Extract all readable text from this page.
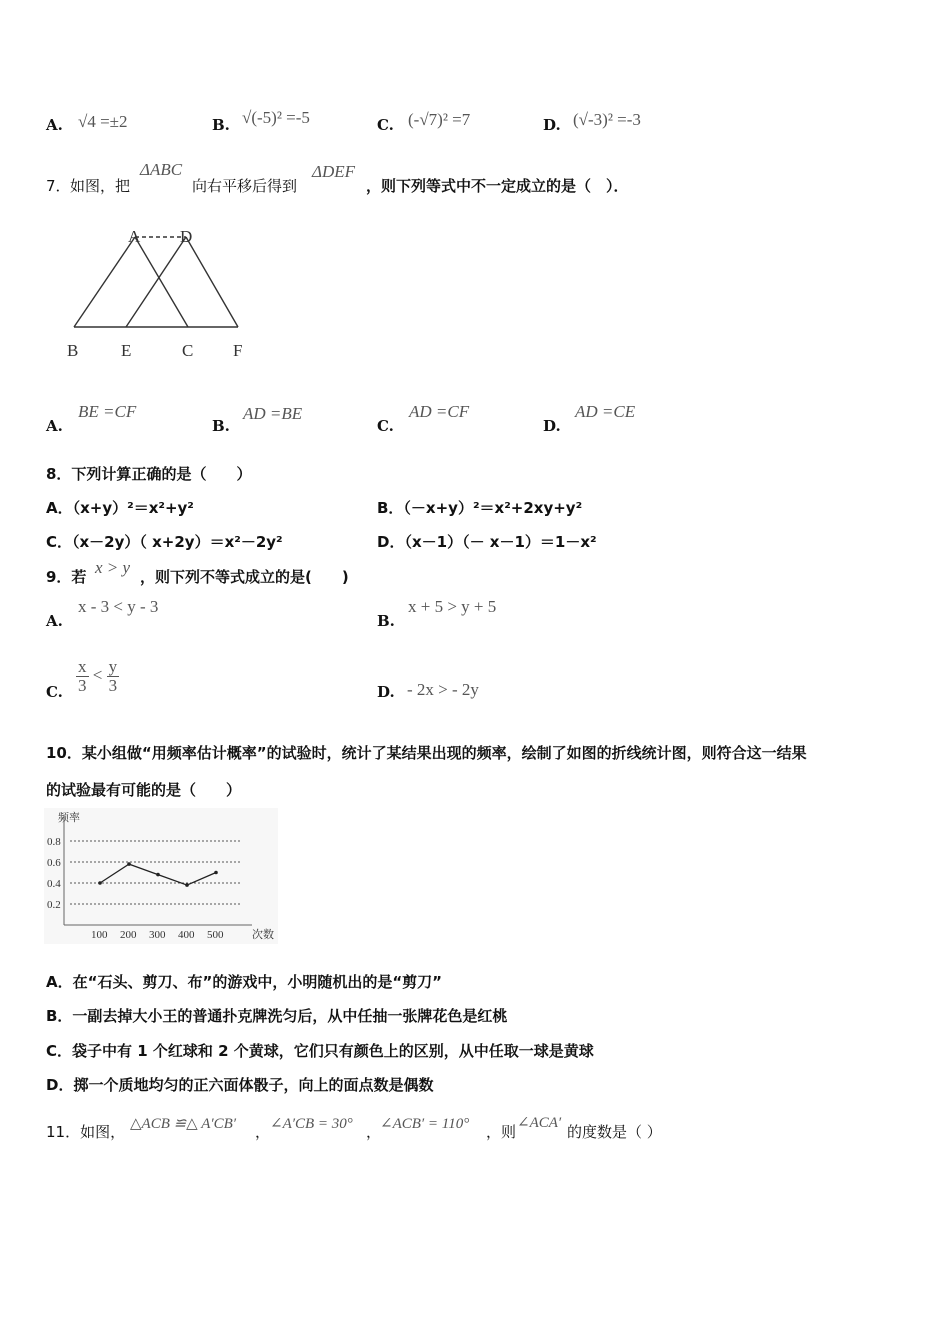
A. √4 =±2	B. √(-5)² =-5	C. (-√7)² =7	D. (√-3)² =-3
7． 如图，把
ΔABC
向右平移后得到
ΔDEF
，则下列等式中不一定成立的是（　）．
A D
B	E	C F
A.
BE =CF
B.
AD =BE
C.
AD =CF
D.
AD =CE
8．下列计算正确的是（　　）
A．（x+y）²＝x²+y²	B．（－x+y）²＝x²+2xy+y²
C．（x－2y）（ x+2y）＝x²－2y²	D．（x－1）（－ x－1）＝1－x²
9．若 x > y ，则下列不等式成立的是(　　)
A.
x - 3 < y - 3
B.
x + 5 > y + 5
C. $\frac{x}{3} < \frac{y}{3}$	D. - 2x > - 2y
10．某小组做“用频率估计概率”的试验时，统计了某结果出现的频率，绘制了如图的折线统计图，则符合这一结果
的试验最有可能的是（　　）
0.2
0.4
0.6
0.8
100 200 300 400 500
频率
次数
A．在“石头、剪刀、布”的游戏中，小明随机出的是“剪刀”
B．一副去掉大小王的普通扑克牌洗匀后，从中任抽一张牌花色是红桃
C．袋子中有 1 个红球和 2 个黄球，它们只有颜色上的区别，从中任取一球是黄球
D．掷一个质地均匀的正六面体骰子，向上的面点数是偶数
11．如图， △ACB ≌△ A′CB′ ， ∠A′CB = 30° ，
∠ACB′ = 110° ，则 ∠ACA′ 的度数是（ ）
